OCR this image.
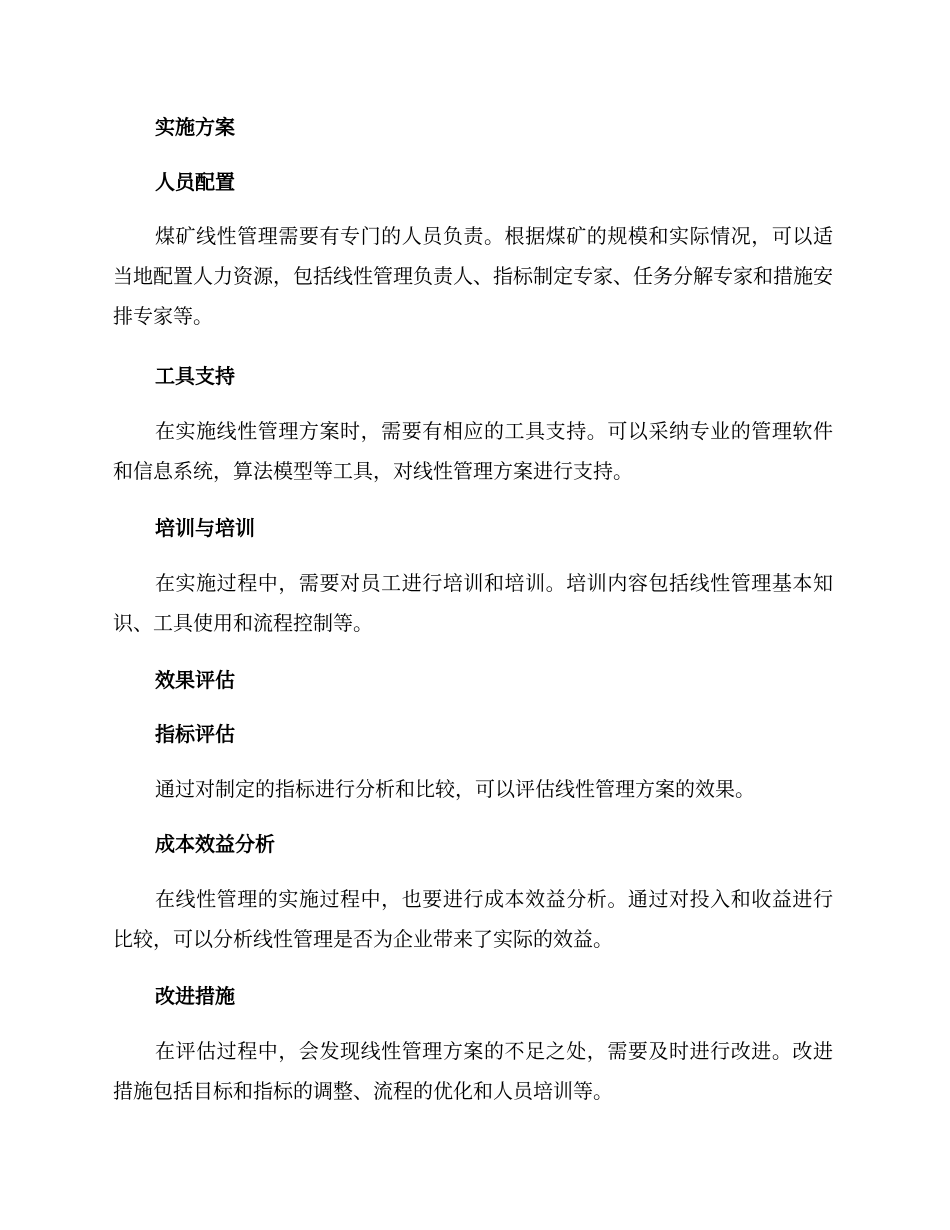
实施方案
人员配置

煤矿线性管理需要有专门的人员负责。根据煤矿的规模和实际情况，可以适当地配置人力资源，包括线性管理负责人、指标制定专家、任务分解专家和措施安排专家等。

工具支持

在实施线性管理方案时，需要有相应的工具支持。可以采纳专业的管理软件和信息系统，算法模型等工具，对线性管理方案进行支持。

培训与培训

在实施过程中，需要对员工进行培训和培训。培训内容包括线性管理基本知识、工具使用和流程控制等。

效果评估
指标评估

通过对制定的指标进行分析和比较，可以评估线性管理方案的效果。

成本效益分析

在线性管理的实施过程中，也要进行成本效益分析。通过对投入和收益进行比较，可以分析线性管理是否为企业带来了实际的效益。

改进措施

在评估过程中，会发现线性管理方案的不足之处，需要及时进行改进。改进措施包括目标和指标的调整、流程的优化和人员培训等。
